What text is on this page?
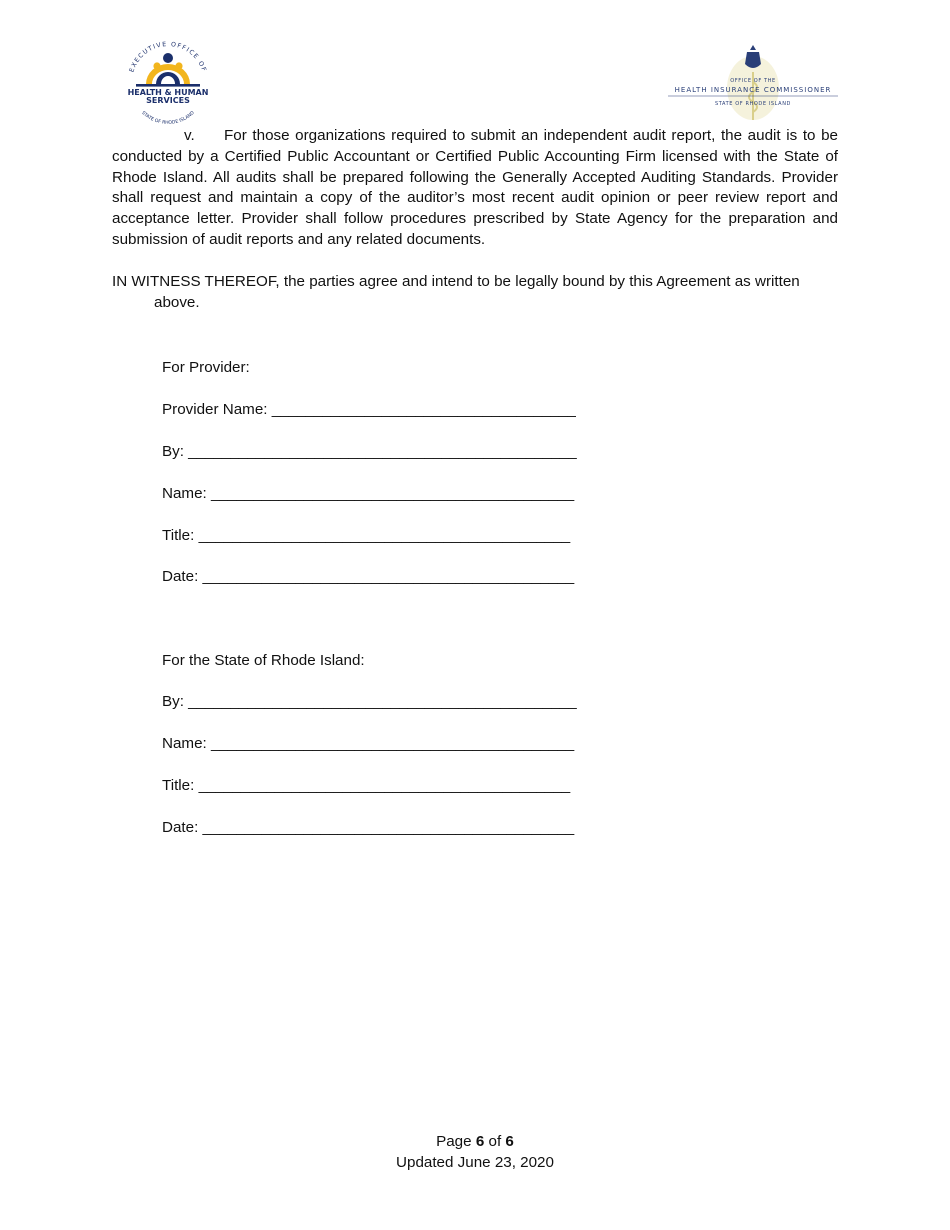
EXECUTIVE OFFICE OF
HEALTH & HUMAN
SERVICES
STATE OF RHODE ISLAND
OFFICE OF THE
HEALTH INSURANCE COMMISSIONER
STATE OF RHODE ISLAND
v. For those organizations required to submit an independent audit report, the audit is to be conducted by a Certified Public Accountant or Certified Public Accounting Firm licensed with the State of Rhode Island. All audits shall be prepared following the Generally Accepted Auditing Standards. Provider shall request and maintain a copy of the auditor’s most recent audit opinion or peer review report and acceptance letter. Provider shall follow procedures prescribed by State Agency for the preparation and submission of audit reports and any related documents.
IN WITNESS THEREOF, the parties agree and intend to be legally bound by this Agreement as written
above.
For Provider:
Provider Name: ____________________________________
By: ______________________________________________
Name: ___________________________________________
Title: ____________________________________________
Date: ____________________________________________
For the State of Rhode Island:
By: ______________________________________________
Name: ___________________________________________
Title: ____________________________________________
Date: ____________________________________________
Page 6 of 6
Updated June 23, 2020
